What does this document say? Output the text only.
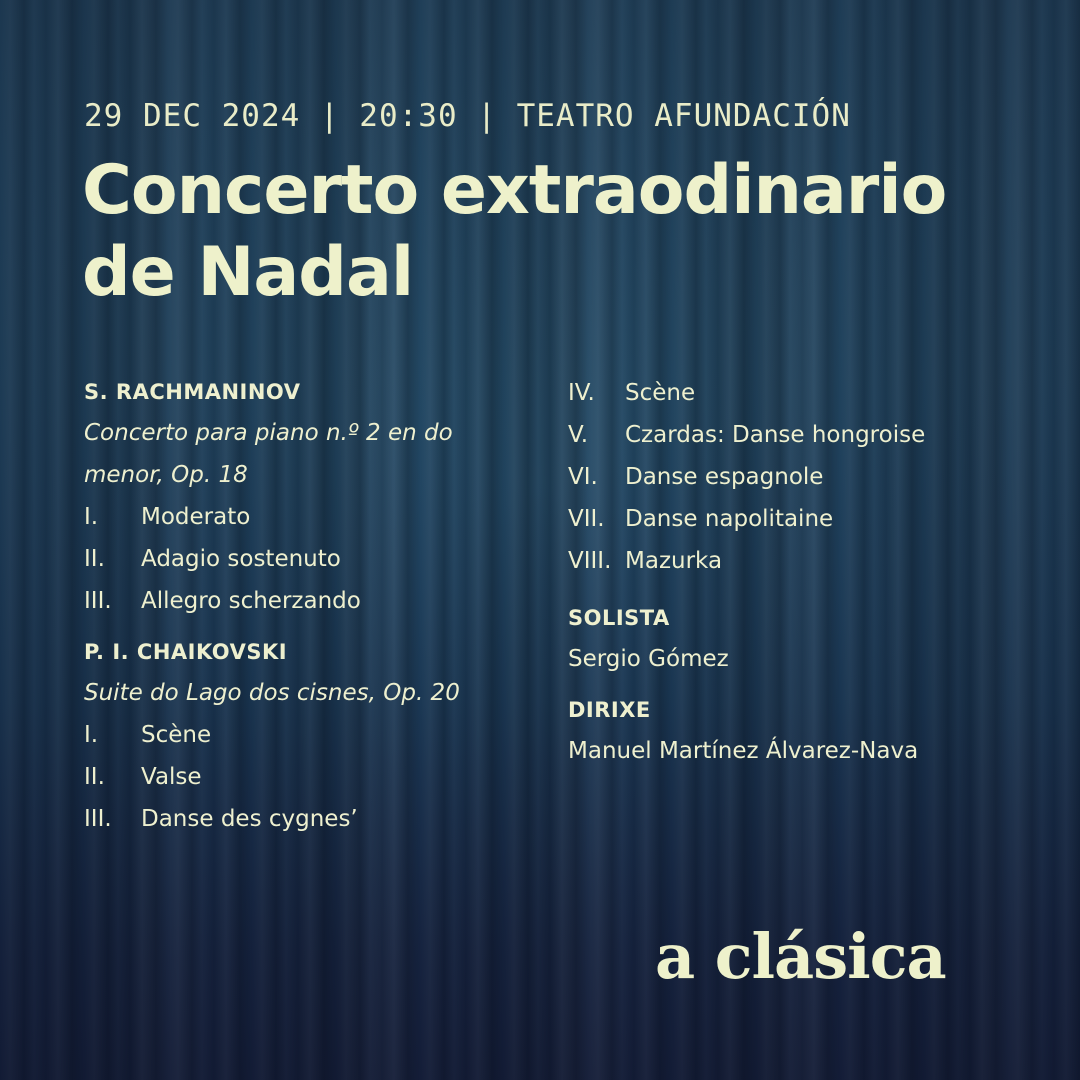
29 DEC 2024 | 20:30 | TEATRO AFUNDACIÓN
Concerto extraodinario
de Nadal
S. RACHMANINOV
Concerto para piano n.º 2 en do
menor, Op. 18
I.	Moderato
II.	Adagio sostenuto
III.	Allegro scherzando
P. I. CHAIKOVSKI
Suite do Lago dos cisnes, Op. 20
I.	Scène
II.	Valse
III.	Danse des cygnes’
IV.	Scène
V.	Czardas: Danse hongroise
VI.	Danse espagnole
VII. Danse napolitaine
VIII. Mazurka
SOLISTA
Sergio Gómez
DIRIXE
Manuel Martínez Álvarez-Nava
a clásica
